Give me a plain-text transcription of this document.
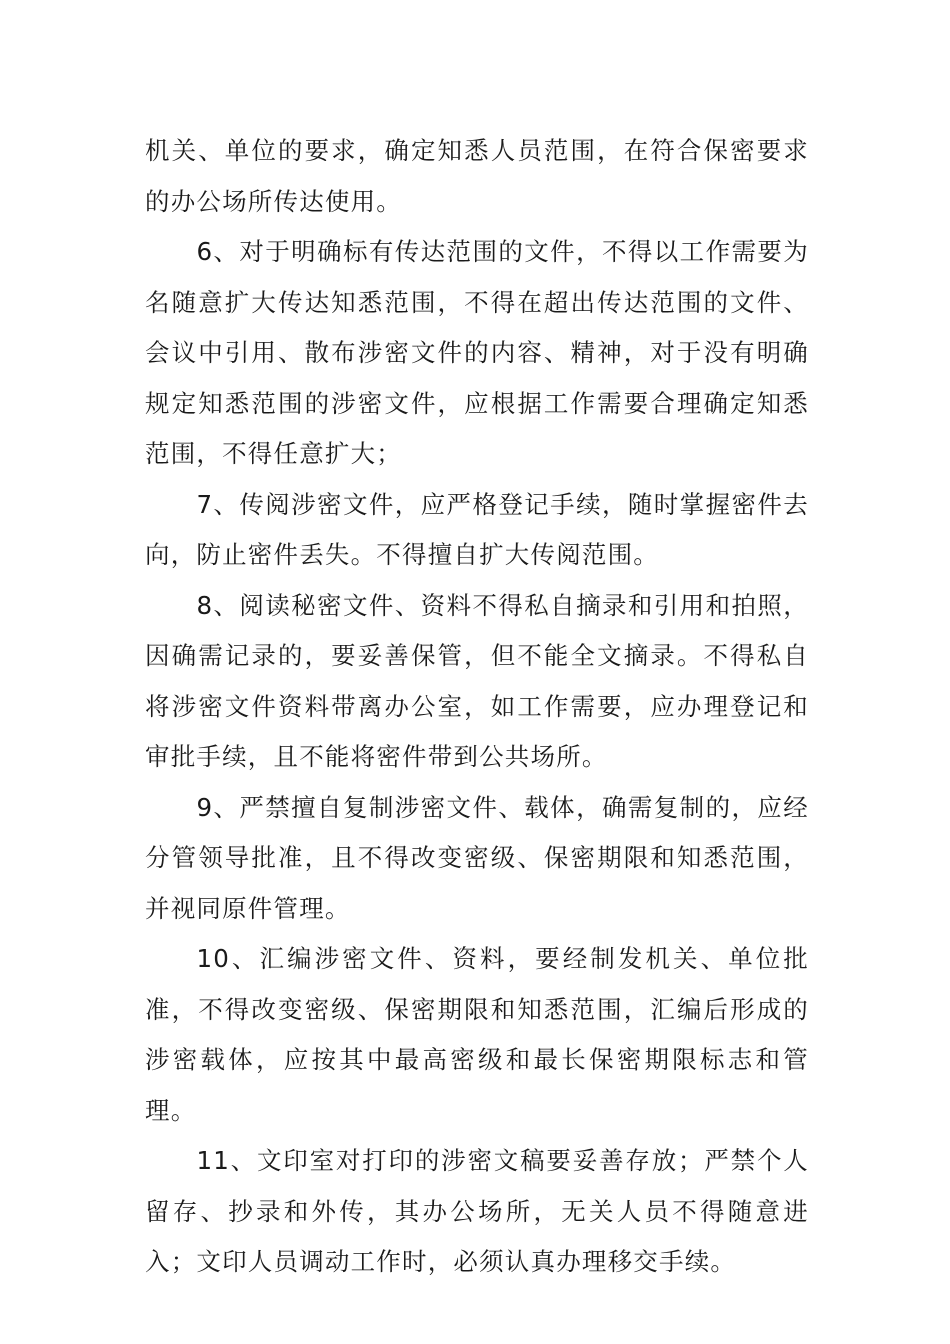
机关、单位的要求，确定知悉人员范围，在符合保密要求的办公场所传达使用。

6、对于明确标有传达范围的文件，不得以工作需要为名随意扩大传达知悉范围，不得在超出传达范围的文件、会议中引用、散布涉密文件的内容、精神，对于没有明确规定知悉范围的涉密文件，应根据工作需要合理确定知悉范围，不得任意扩大；

7、传阅涉密文件，应严格登记手续，随时掌握密件去向，防止密件丢失。不得擅自扩大传阅范围。

8、阅读秘密文件、资料不得私自摘录和引用和拍照，因确需记录的，要妥善保管，但不能全文摘录。不得私自将涉密文件资料带离办公室，如工作需要，应办理登记和审批手续，且不能将密件带到公共场所。

9、严禁擅自复制涉密文件、载体，确需复制的，应经分管领导批准，且不得改变密级、保密期限和知悉范围，并视同原件管理。

10、汇编涉密文件、资料，要经制发机关、单位批准，不得改变密级、保密期限和知悉范围，汇编后形成的涉密载体，应按其中最高密级和最长保密期限标志和管理。

11、文印室对打印的涉密文稿要妥善存放；严禁个人留存、抄录和外传，其办公场所，无关人员不得随意进入；文印人员调动工作时，必须认真办理移交手续。
